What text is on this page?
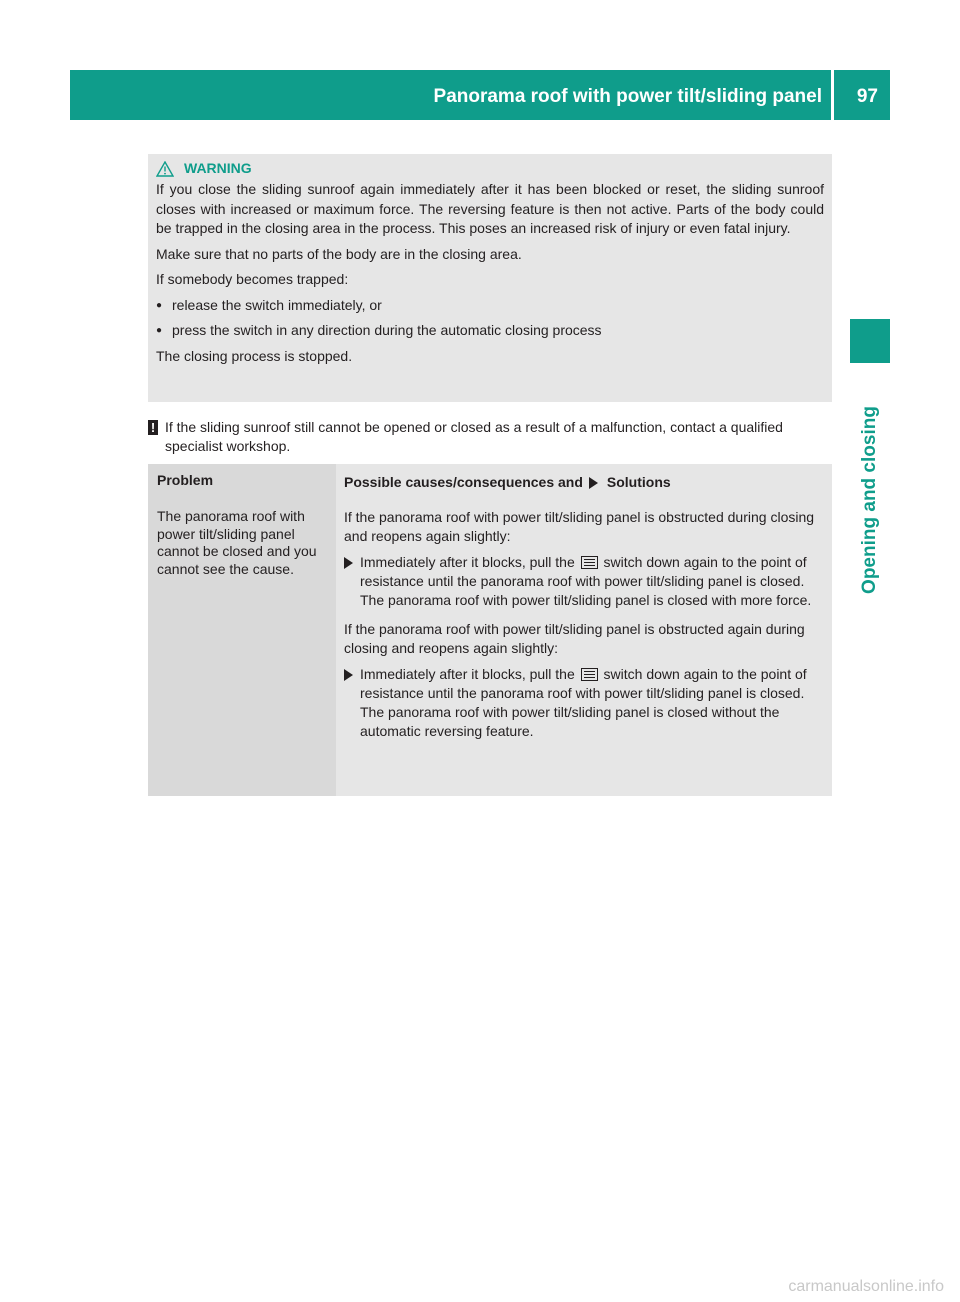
Panorama roof with power tilt/sliding panel 97
Opening and closing
WARNING

If you close the sliding sunroof again immediately after it has been blocked or reset, the sliding sunroof closes with increased or maximum force. The reversing feature is then not active. Parts of the body could be trapped in the closing area in the process. This poses an increased risk of injury or even fatal injury.

Make sure that no parts of the body are in the closing area.

If somebody becomes trapped:

● release the switch immediately, or
● press the switch in any direction during the automatic closing process

The closing process is stopped.

! If the sliding sunroof still cannot be opened or closed as a result of a malfunction, contact a qualified specialist workshop.
Problem	Possible causes/consequences and Solutions
The panorama roof with power tilt/sliding panel cannot be closed and you cannot see the cause.

If the panorama roof with power tilt/sliding panel is obstructed during closing and reopens again slightly:

Immediately after it blocks, pull the switch down again to the point of resistance until the panorama roof with power tilt/sliding panel is closed.
The panorama roof with power tilt/sliding panel is closed with more force.

If the panorama roof with power tilt/sliding panel is obstructed again during closing and reopens again slightly:

Immediately after it blocks, pull the switch down again to the point of resistance until the panorama roof with power tilt/sliding panel is closed.
The panorama roof with power tilt/sliding panel is closed without the automatic reversing feature.
carmanualsonline.info
